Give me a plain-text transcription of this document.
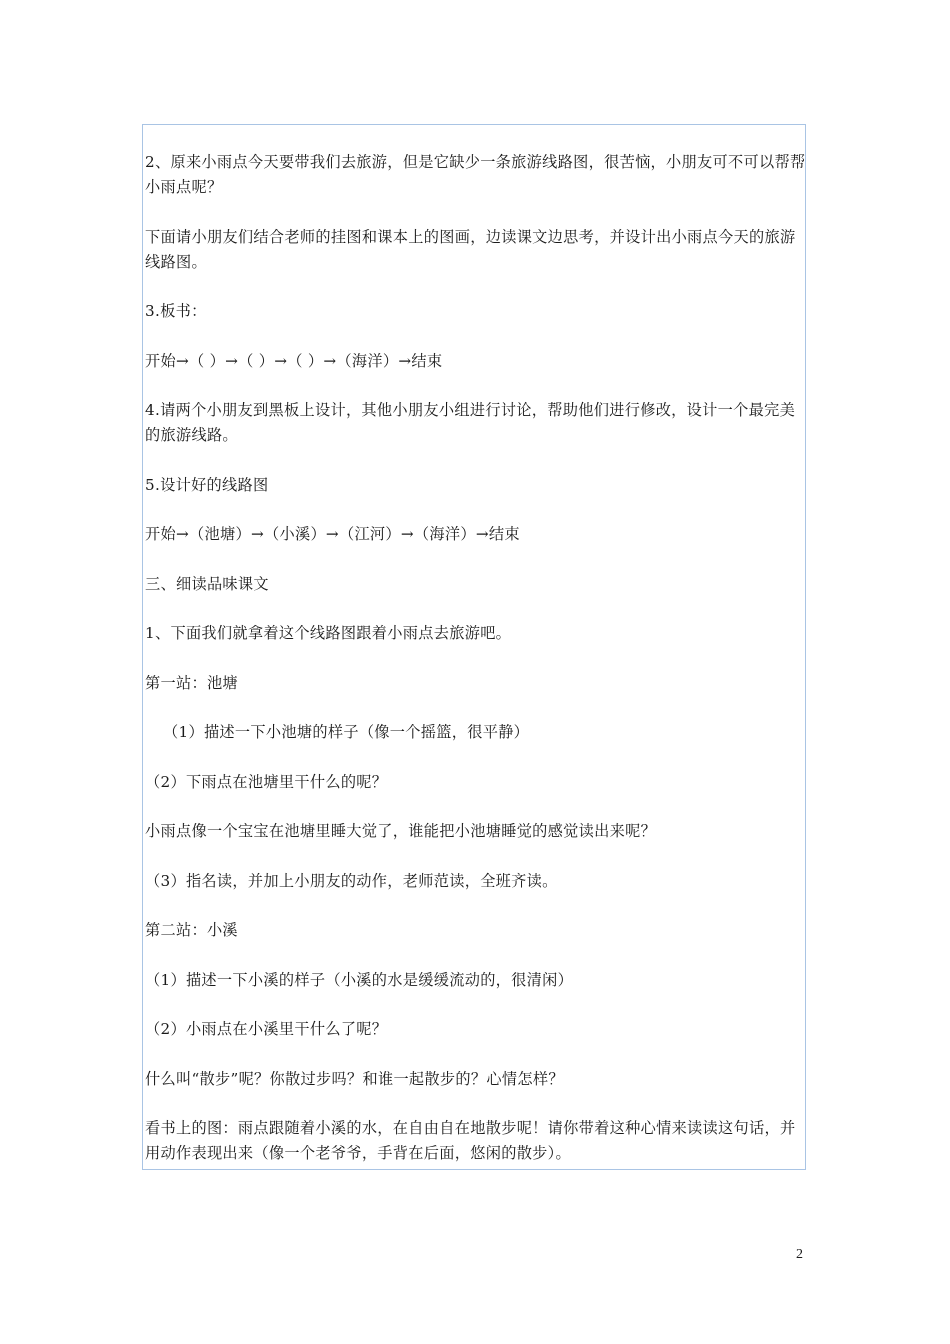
2、原来小雨点今天要带我们去旅游，但是它缺少一条旅游线路图，很苦恼，小朋友可不可以帮帮小雨点呢？

下面请小朋友们结合老师的挂图和课本上的图画，边读课文边思考，并设计出小雨点今天的旅游线路图。

3.板书：

开始→（ ）→（ ）→（ ）→（海洋）→结束

4.请两个小朋友到黑板上设计，其他小朋友小组进行讨论，帮助他们进行修改，设计一个最完美的旅游线路。

5.设计好的线路图

开始→（池塘）→（小溪）→（江河）→（海洋）→结束

三、细读品味课文

1、下面我们就拿着这个线路图跟着小雨点去旅游吧。

第一站：池塘

（1）描述一下小池塘的样子（像一个摇篮，很平静）

（2）下雨点在池塘里干什么的呢？

小雨点像一个宝宝在池塘里睡大觉了，谁能把小池塘睡觉的感觉读出来呢？

（3）指名读，并加上小朋友的动作，老师范读，全班齐读。

第二站：小溪

（1）描述一下小溪的样子（小溪的水是缓缓流动的，很清闲）

（2）小雨点在小溪里干什么了呢？

什么叫“散步”呢？你散过步吗？和谁一起散步的？心情怎样？

看书上的图：雨点跟随着小溪的水，在自由自在地散步呢！请你带着这种心情来读读这句话，并用动作表现出来（像一个老爷爷，手背在后面，悠闲的散步）。

2
